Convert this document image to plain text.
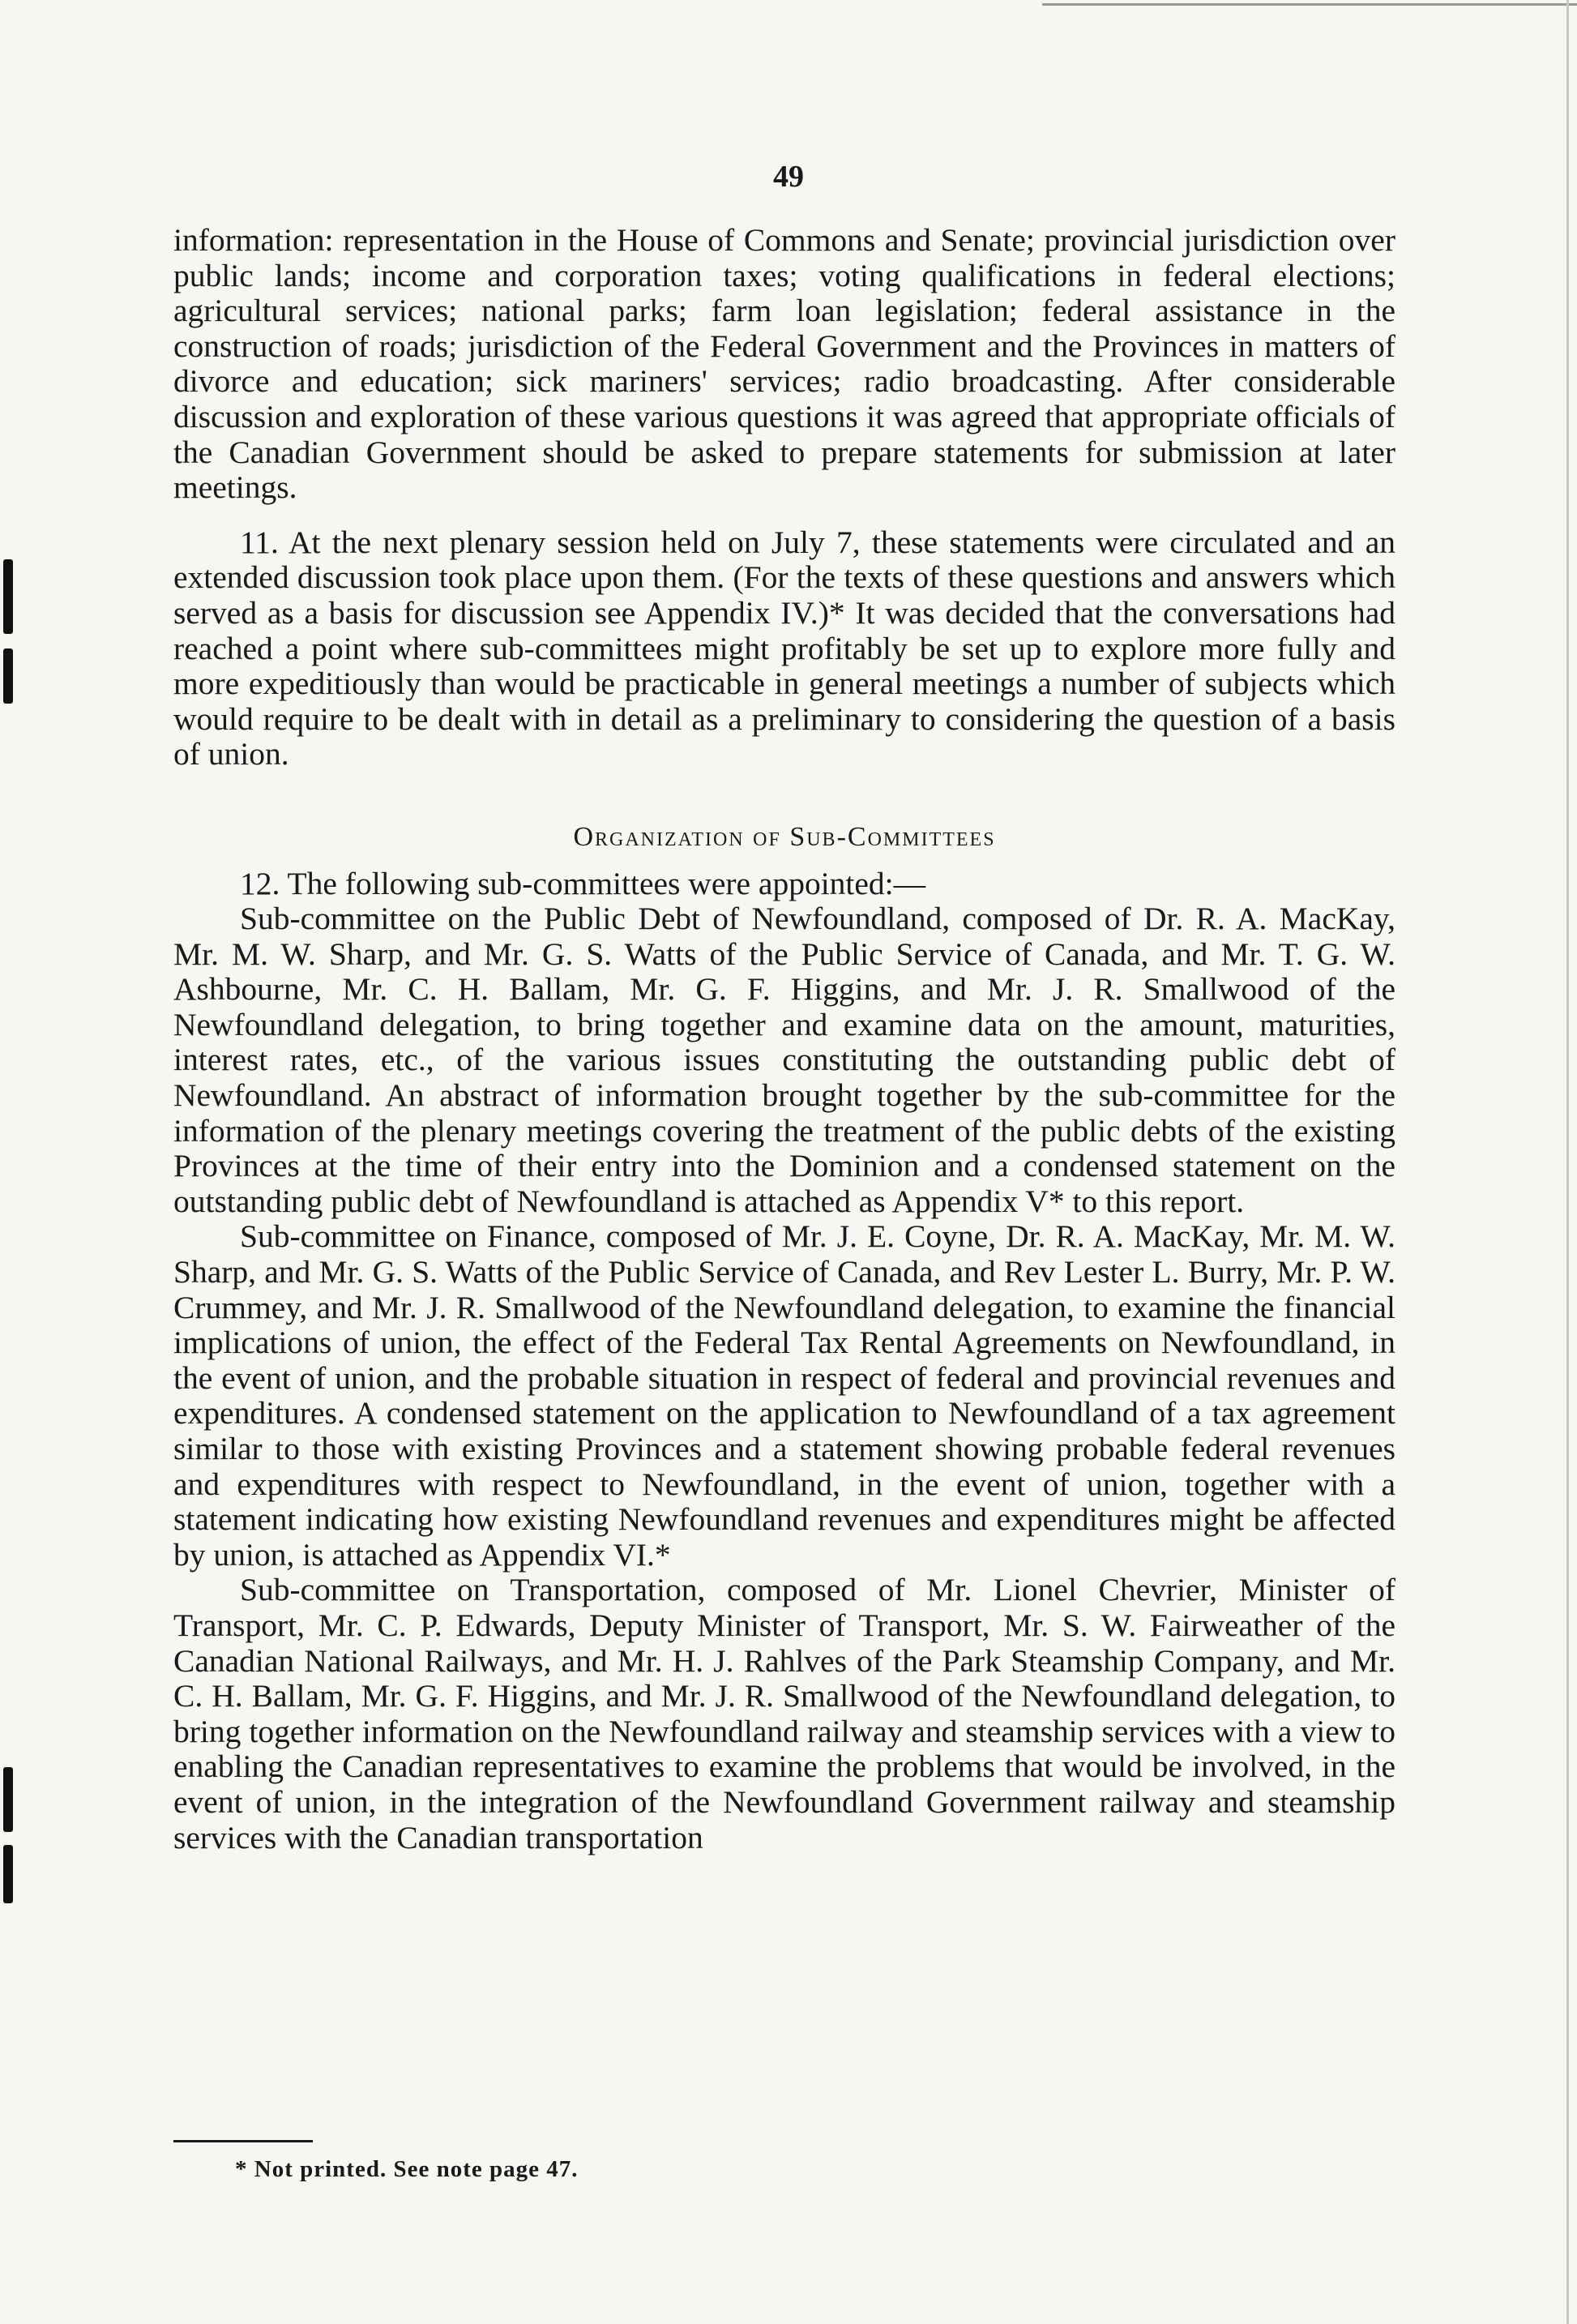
49

information: representation in the House of Commons and Senate; provincial jurisdiction over public lands; income and corporation taxes; voting qualifications in federal elections; agricultural services; national parks; farm loan legislation; federal assistance in the construction of roads; jurisdiction of the Federal Government and the Provinces in matters of divorce and education; sick mariners' services; radio broadcasting. After considerable discussion and exploration of these various questions it was agreed that appropriate officials of the Canadian Government should be asked to prepare statements for submission at later meetings.

11. At the next plenary session held on July 7, these statements were circulated and an extended discussion took place upon them. (For the texts of these questions and answers which served as a basis for discussion see Appendix IV.)* It was decided that the conversations had reached a point where sub-committees might profitably be set up to explore more fully and more expeditiously than would be practicable in general meetings a number of subjects which would require to be dealt with in detail as a preliminary to considering the question of a basis of union.

Organization of Sub-Committees

12. The following sub-committees were appointed:—

Sub-committee on the Public Debt of Newfoundland, composed of Dr. R. A. MacKay, Mr. M. W. Sharp, and Mr. G. S. Watts of the Public Service of Canada, and Mr. T. G. W. Ashbourne, Mr. C. H. Ballam, Mr. G. F. Higgins, and Mr. J. R. Smallwood of the Newfoundland delegation, to bring together and examine data on the amount, maturities, interest rates, etc., of the various issues constituting the outstanding public debt of Newfoundland. An abstract of information brought together by the sub-committee for the information of the plenary meetings covering the treatment of the public debts of the existing Provinces at the time of their entry into the Dominion and a condensed statement on the outstanding public debt of Newfoundland is attached as Appendix V* to this report.

Sub-committee on Finance, composed of Mr. J. E. Coyne, Dr. R. A. MacKay, Mr. M. W. Sharp, and Mr. G. S. Watts of the Public Service of Canada, and Rev Lester L. Burry, Mr. P. W. Crummey, and Mr. J. R. Smallwood of the Newfoundland delegation, to examine the financial implications of union, the effect of the Federal Tax Rental Agreements on Newfoundland, in the event of union, and the probable situation in respect of federal and provincial revenues and expenditures. A condensed statement on the application to Newfoundland of a tax agreement similar to those with existing Provinces and a statement showing probable federal revenues and expenditures with respect to Newfoundland, in the event of union, together with a statement indicating how existing Newfoundland revenues and expenditures might be affected by union, is attached as Appendix VI.*

Sub-committee on Transportation, composed of Mr. Lionel Chevrier, Minister of Transport, Mr. C. P. Edwards, Deputy Minister of Transport, Mr. S. W. Fairweather of the Canadian National Railways, and Mr. H. J. Rahlves of the Park Steamship Company, and Mr. C. H. Ballam, Mr. G. F. Higgins, and Mr. J. R. Smallwood of the Newfoundland delegation, to bring together information on the Newfoundland railway and steamship services with a view to enabling the Canadian representatives to examine the problems that would be involved, in the event of union, in the integration of the Newfoundland Government railway and steamship services with the Canadian transportation

* Not printed. See note page 47.
